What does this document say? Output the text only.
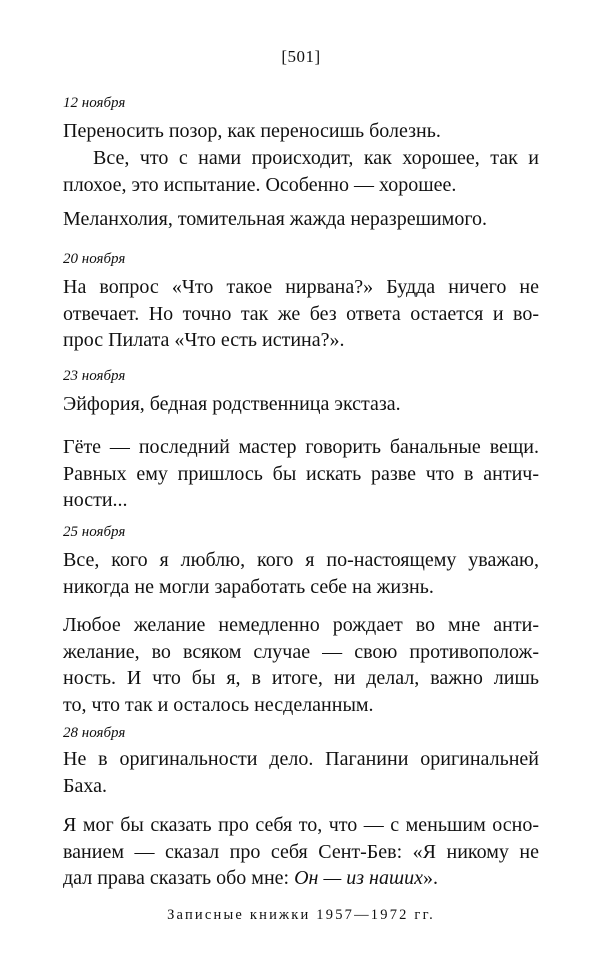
[501]
12 ноября

Переносить позор, как переносишь болезнь.

Все, что с нами происходит, как хорошее, так и
плохое, это испытание. Особенно — хорошее.

Меланхолия, томительная жажда неразрешимого.

20 ноября

На вопрос «Что такое нирвана?» Будда ничего не
отвечает. Но точно так же без ответа остается и во-
прос Пилата «Что есть истина?».

23 ноября

Эйфория, бедная родственница экстаза.

Гёте — последний мастер говорить банальные вещи.
Равных ему пришлось бы искать разве что в антич-
ности...

25 ноября

Все, кого я люблю, кого я по-настоящему уважаю,
никогда не могли заработать себе на жизнь.

Любое желание немедленно рождает во мне анти-
желание, во всяком случае — свою противополож-
ность. И что бы я, в итоге, ни делал, важно лишь
то, что так и осталось несделанным.

28 ноября

Не в оригинальности дело. Паганини оригинальней
Баха.

Я мог бы сказать про себя то, что — с меньшим осно-
ванием — сказал про себя Сент-Бев: «Я никому не
дал права сказать обо мне: Он — из наших».

Записные книжки 1957—1972 гг.
